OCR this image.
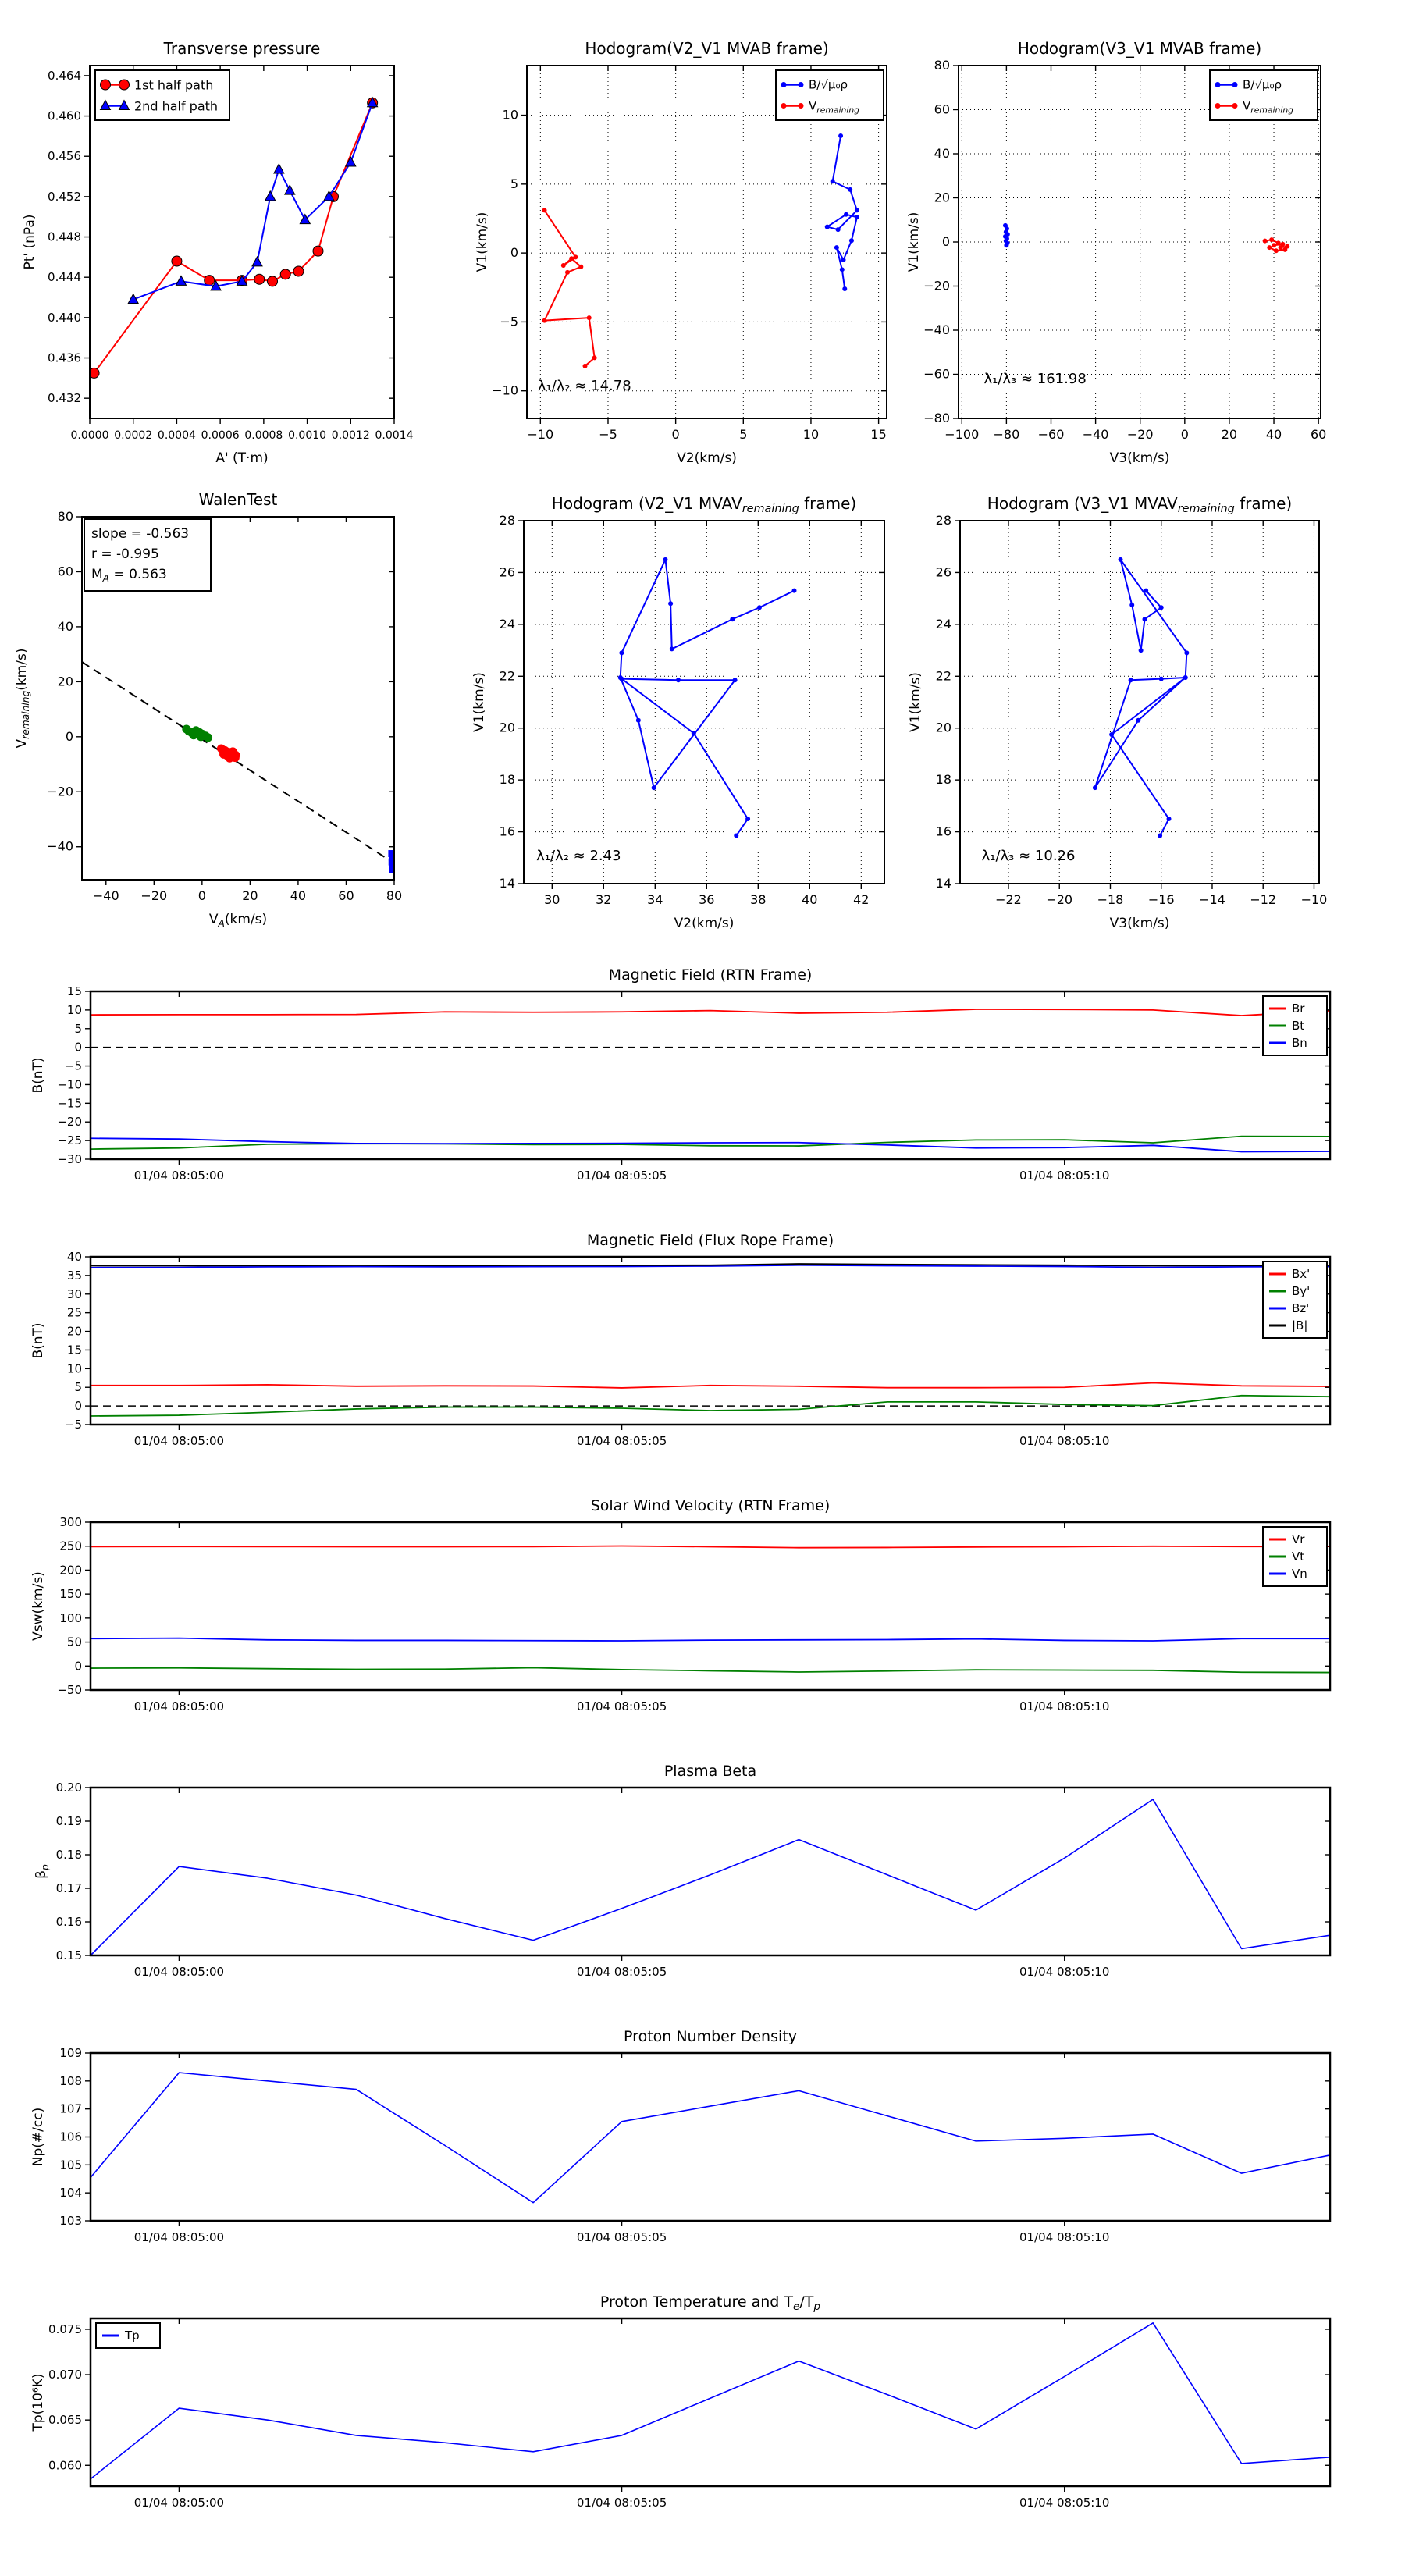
0.0000 0.0002 0.0004 0.0006 0.0008 0.0010 0.0012 0.0014
0.432
0.436
0.440
0.444
0.448
0.452
0.456
0.460
0.464
Transverse pressure
A' (T·m)
Pt' (nPa)
1st half path
2nd half path
−10	−5	0	5	10	15
−10
−5
0
5
10
Hodogram(V2_V1 MVAB frame)
V2(km/s)
V1(km/s)
λ₁/λ₂ ≈ 14.78
B/√μ₀ρ
$V_{remaining}$
−100 −80 −60 −40 −20 0	20 40 60
−80
−60
−40
−20
0
20
40
60
80
Hodogram(V3_V1 MVAB frame)
V3(km/s)
V1(km/s)
λ₁/λ₃ ≈ 161.98
B/√μ₀ρ
$V_{remaining}$
−40 −20 0	20	40	60	80
−40
−20
0
20
40
60
80
WalenTest
$V_A(km/s)$
$V_{remaining}(km/s)$
slope = -0.563
r = -0.995
$M_A = 0.563$
30	32	34	36	38	40	42
14
16
18
20
22
24
26
28
Hodogram (V2_V1 $MVAV_{remaining}$ frame)
V2(km/s)
V1(km/s)
λ₁/λ₂ ≈ 2.43
−22 −20 −18 −16 −14 −12 −10
14
16
18
20
22
24
26
28
Hodogram (V3_V1 $MVAV_{remaining}$ frame)
V3(km/s)
V1(km/s)
λ₁/λ₃ ≈ 10.26
01/04 08:05:00	01/04 08:05:05	01/04 08:05:10
−30
−25
−20
−15
−10
−5
0
5
10
15
Magnetic Field (RTN Frame)
B(nT)
Br
Bt
Bn
01/04 08:05:00	01/04 08:05:05	01/04 08:05:10
−5
0
5
10
15
20
25
30
35
40
Magnetic Field (Flux Rope Frame)
B(nT)
Bx'
By'
Bz'
|B|
01/04 08:05:00	01/04 08:05:05	01/04 08:05:10
−50
0
50
100
150
200
250
300
Solar Wind Velocity (RTN Frame)
Vsw(km/s)
Vr
Vt
Vn
01/04 08:05:00	01/04 08:05:05	01/04 08:05:10
0.15
0.16
0.17
0.18
0.19
0.20
Plasma Beta
$\beta_p$
01/04 08:05:00	01/04 08:05:05	01/04 08:05:10
103
104
105
106
107
108
109
Proton Number Density
Np(#/cc)
01/04 08:05:00	01/04 08:05:05	01/04 08:05:10
0.060
0.065
0.070
0.075
Proton Temperature and $T_e/T_p$
Tp(10⁶K)
Tp
